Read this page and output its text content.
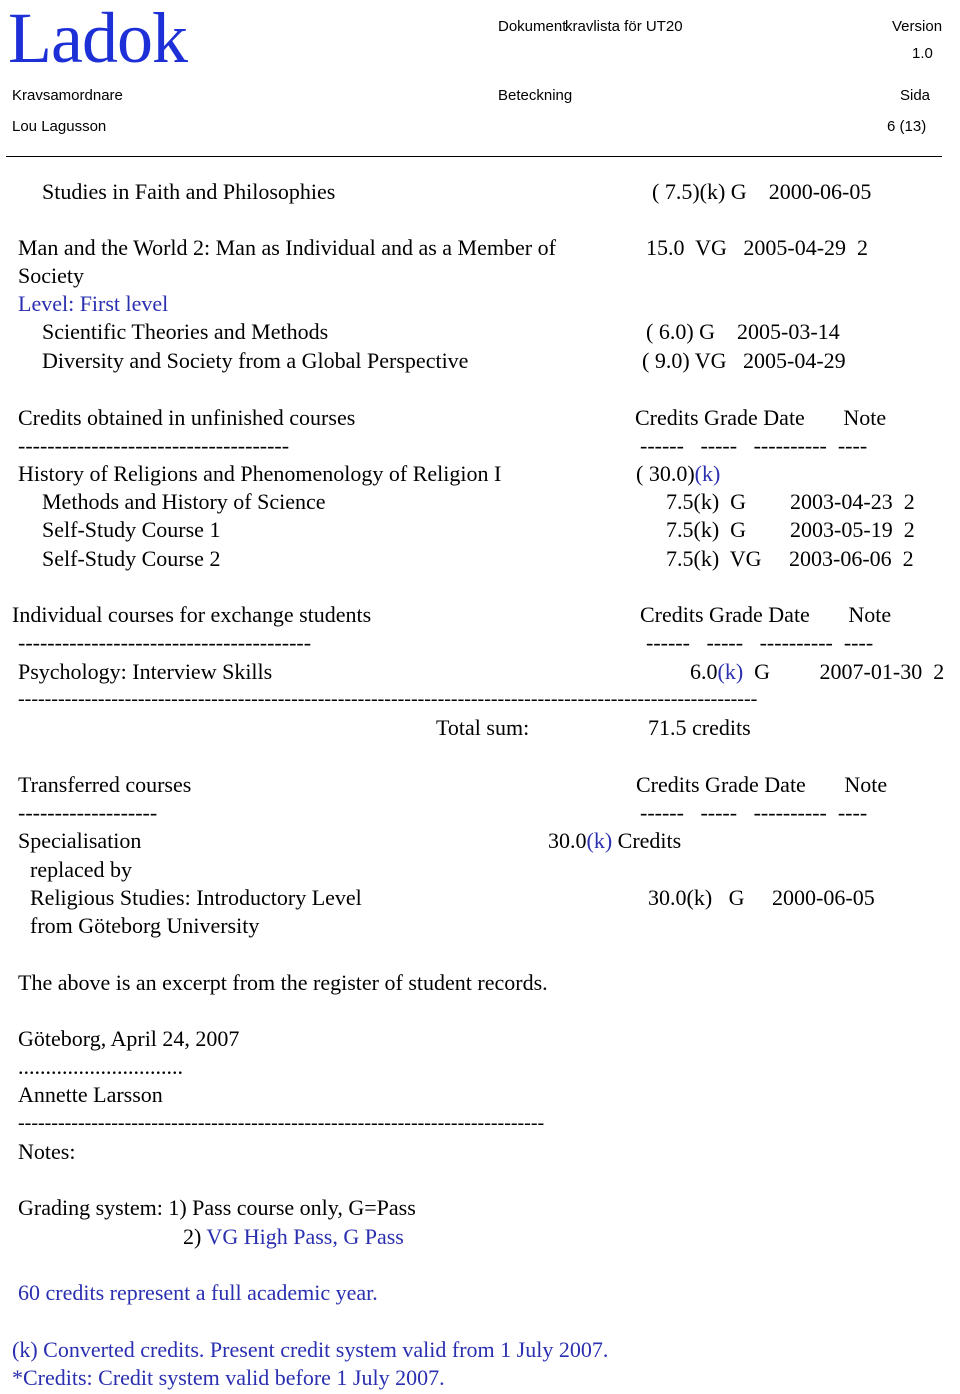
Ladok	Dokument
kravlista för UT20	Version
1.0
Kravsamordnare	Beteckning	Sida
Lou Lagusson	6 (13)
Studies in Faith and Philosophies	( 7.5)(k) G    2000-06-05
Man and the World 2: Man as Individual and as a Member of	15.0  VG   2005-04-29  2
Society
Level: First level
Scientific Theories and Methods	( 6.0) G    2005-03-14
Diversity and Society from a Global Perspective	( 9.0) VG   2005-04-29
Credits obtained in unfinished courses	Credits Grade Date       Note
-------------------------------------	------   -----   ----------  ----
History of Religions and Phenomenology of Religion I	( 30.0)(k)
Methods and History of Science	7.5(k)  G        2003-04-23  2
Self-Study Course 1	7.5(k)  G        2003-05-19  2
Self-Study Course 2	7.5(k)  VG     2003-06-06  2
Individual courses for exchange students	Credits Grade Date       Note
----------------------------------------	------   -----   ----------  ----
Psychology: Interview Skills	6.0(k)  G         2007-01-30  2
---------------------------------------------------------------------------------------------------------------
Total sum:	71.5 credits
Transferred courses	Credits Grade Date       Note
-------------------	------   -----   ----------  ----
Specialisation	30.0(k) Credits
replaced by
Religious Studies: Introductory Level	30.0(k)   G     2000-06-05
from Göteborg University
The above is an excerpt from the register of student records.
Göteborg, April 24, 2007
..............................
Annette Larsson
-------------------------------------------------------------------------------
Notes:
Grading system: 1) Pass course only, G=Pass
2) VG High Pass, G Pass
60 credits represent a full academic year.
(k) Converted credits. Present credit system valid from 1 July 2007.
*Credits: Credit system valid before 1 July 2007.
